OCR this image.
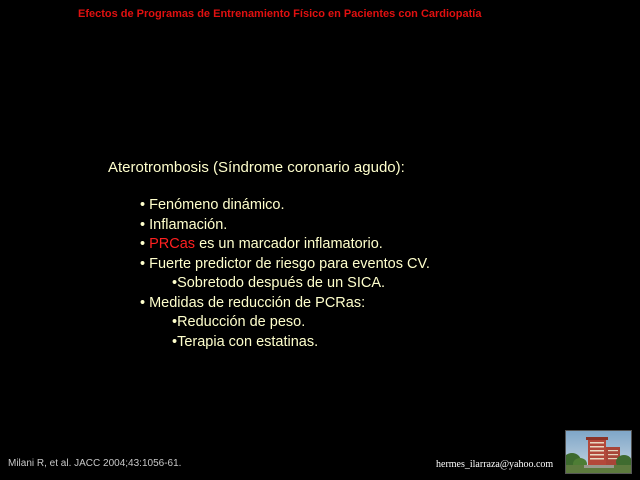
Efectos de Programas de Entrenamiento Físico en Pacientes con Cardiopatía
Aterotrombosis (Síndrome coronario agudo):
• Fenómeno dinámico.
• Inflamación.
• PRCas es un marcador inflamatorio.
• Fuerte predictor de riesgo para eventos CV.
•Sobretodo después de un SICA.
• Medidas de reducción de PCRas:
•Reducción de peso.
•Terapia con estatinas.
Milani R, et al. JACC 2004;43:1056-61.	hermes_ilarraza@yahoo.com
